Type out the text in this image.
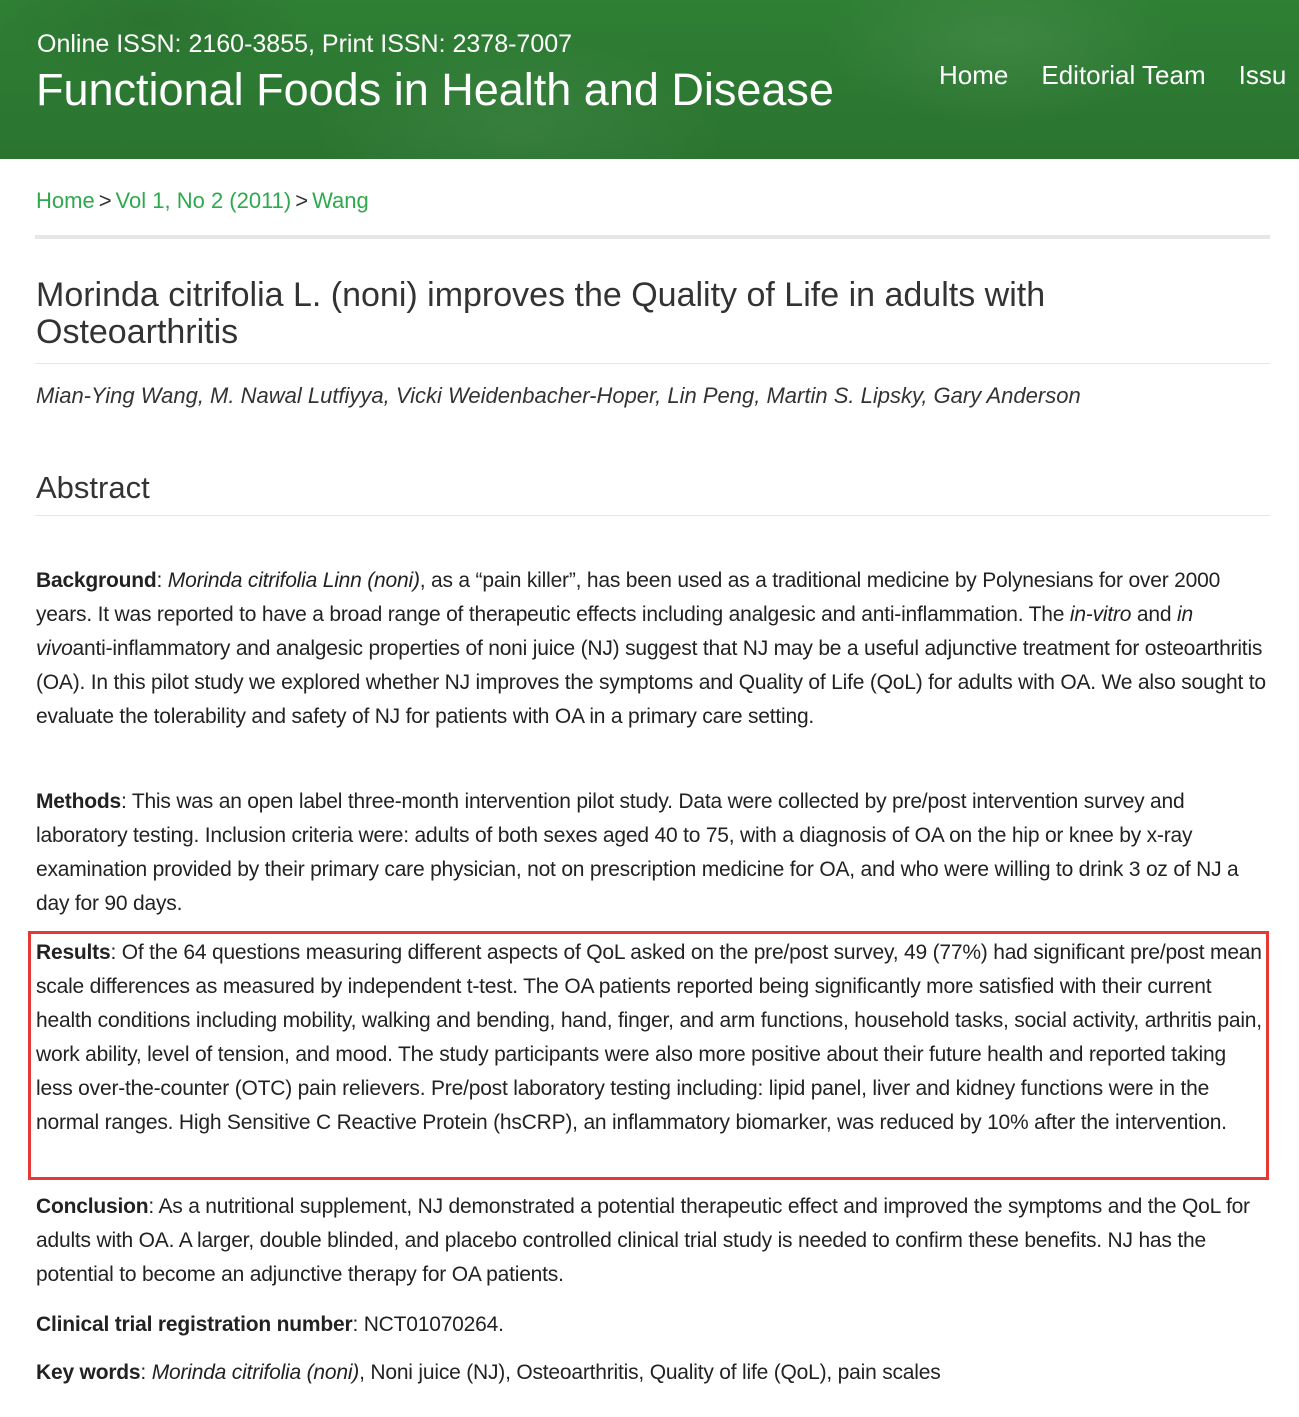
Online ISSN: 2160-3855, Print ISSN: 2378-7007
Functional Foods in Health and Disease	Home Editorial Team Issu
Home > Vol 1, No 2 (2011) > Wang
Morinda citrifolia L. (noni) improves the Quality of Life in adults with Osteoarthritis
Mian-Ying Wang, M. Nawal Lutfiyya, Vicki Weidenbacher-Hoper, Lin Peng, Martin S. Lipsky, Gary Anderson
Abstract
Background: Morinda citrifolia Linn (noni), as a “pain killer”, has been used as a traditional medicine by Polynesians for over 2000 years. It was reported to have a broad range of therapeutic effects including analgesic and anti-inflammation. The in-vitro and in vivoanti-inflammatory and analgesic properties of noni juice (NJ) suggest that NJ may be a useful adjunctive treatment for osteoarthritis (OA). In this pilot study we explored whether NJ improves the symptoms and Quality of Life (QoL) for adults with OA. We also sought to evaluate the tolerability and safety of NJ for patients with OA in a primary care setting.
Methods: This was an open label three-month intervention pilot study. Data were collected by pre/post intervention survey and laboratory testing. Inclusion criteria were: adults of both sexes aged 40 to 75, with a diagnosis of OA on the hip or knee by x-ray examination provided by their primary care physician, not on prescription medicine for OA, and who were willing to drink 3 oz of NJ a day for 90 days.
Results: Of the 64 questions measuring different aspects of QoL asked on the pre/post survey, 49 (77%) had significant pre/post mean scale differences as measured by independent t-test. The OA patients reported being significantly more satisfied with their current health conditions including mobility, walking and bending, hand, finger, and arm functions, household tasks, social activity, arthritis pain, work ability, level of tension, and mood. The study participants were also more positive about their future health and reported taking less over-the-counter (OTC) pain relievers. Pre/post laboratory testing including: lipid panel, liver and kidney functions were in the normal ranges. High Sensitive C Reactive Protein (hsCRP), an inflammatory biomarker, was reduced by 10% after the intervention.
Conclusion: As a nutritional supplement, NJ demonstrated a potential therapeutic effect and improved the symptoms and the QoL for adults with OA. A larger, double blinded, and placebo controlled clinical trial study is needed to confirm these benefits. NJ has the potential to become an adjunctive therapy for OA patients.
Clinical trial registration number: NCT01070264.
Key words: Morinda citrifolia (noni), Noni juice (NJ), Osteoarthritis, Quality of life (QoL), pain scales
